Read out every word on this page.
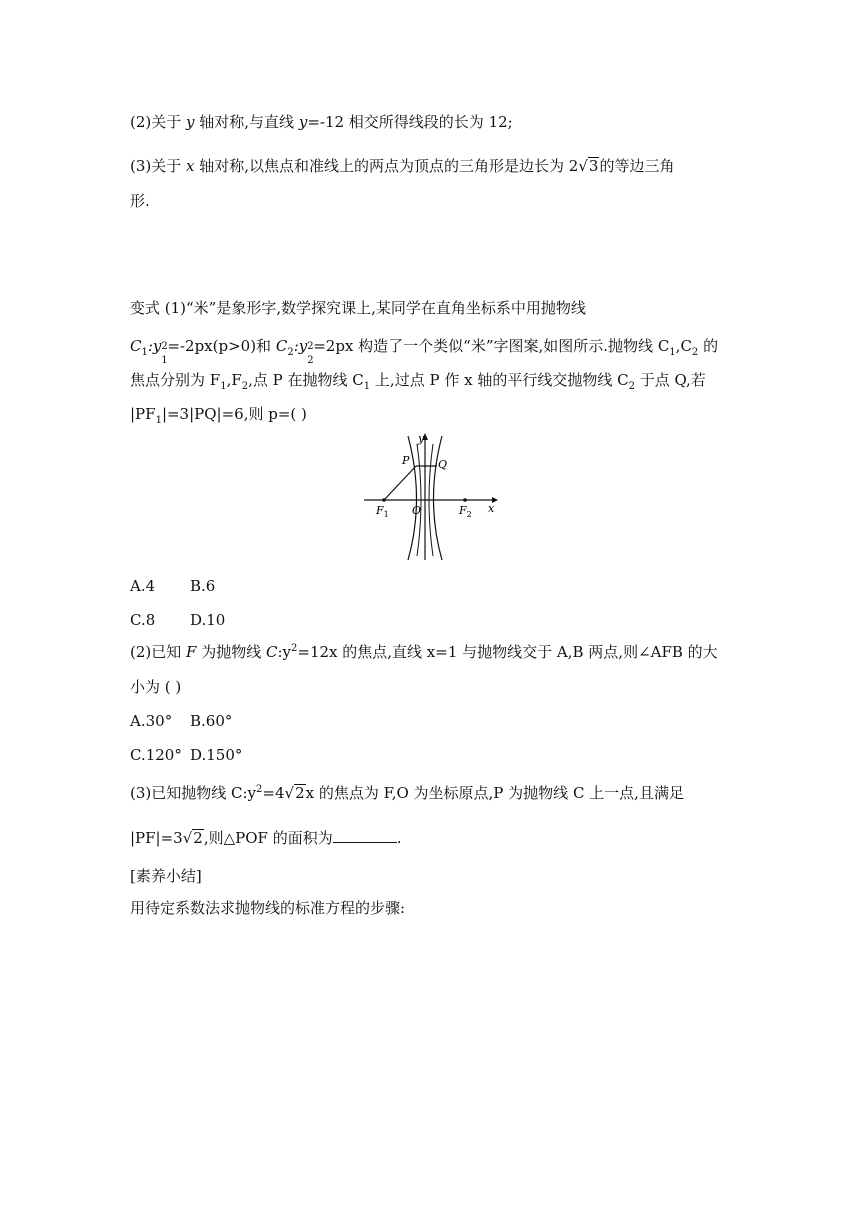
(2)关于 y 轴对称,与直线 y=-12 相交所得线段的长为 12;
(3)关于 x 轴对称,以焦点和准线上的两点为顶点的三角形是边长为 2√3的等边三角
形.
变式 (1)“米”是象形字,数学探究课上,某同学在直角坐标系中用抛物线
$C_1:y$ 2
1
=-2px(p>0)和 $C_2:y$ 2
2
=2px 构造了一个类似“米”字图案,如图所示.抛物线 $C_1,C_2$ 的
焦点分别为 $F_1,F_2$,点 P 在抛物线 $C_1$ 上,过点 P 作 x 轴的平行线交抛物线 $C_2$ 于点 Q,若
$|PF_1|=3|PQ|=6$,则 p=( )
y
x
P	Q
O
$F_1$	$F_2$
A.4 B.6
C.8 D.10
(2)已知 F 为抛物线 $C:y^2=12x$ 的焦点,直线 x=1 与抛物线交于 A,B 两点,则∠AFB 的大
小为 ( )
A.30° B.60°
C.120° D.150°
(3)已知抛物线 $C:y^2=4√2x$ 的焦点为 F,O 为坐标原点,P 为抛物线 C 上一点,且满足
|PF|=3√2,则△POF 的面积为	.
[素养小结]
用待定系数法求抛物线的标准方程的步骤:
